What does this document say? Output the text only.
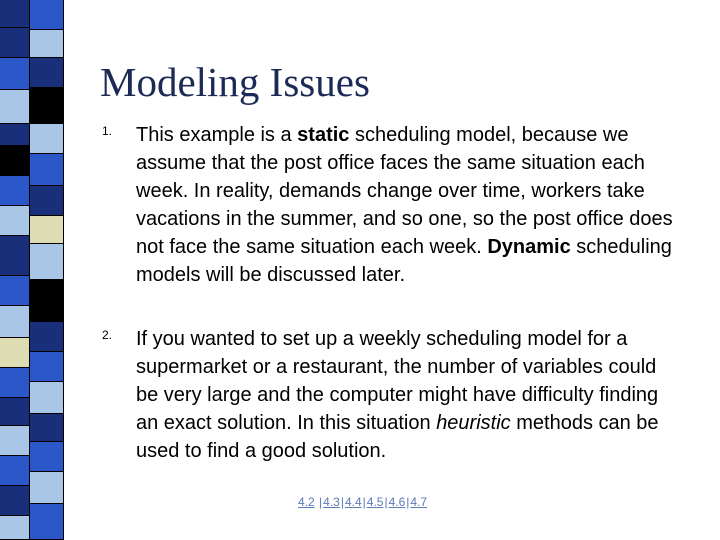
Modeling Issues
1. This example is a static scheduling model, because we assume that the post office faces the same situation each week. In reality, demands change over time, workers take vacations in the summer, and so one, so the post office does not face the same situation each week. Dynamic scheduling models will be discussed later.
2. If you wanted to set up a weekly scheduling model for a supermarket or a restaurant, the number of variables could be very large and the computer might have difficulty finding an exact solution. In this situation heuristic methods can be used to find a good solution.
4.2 |4.3|4.4|4.5|4.6|4.7
